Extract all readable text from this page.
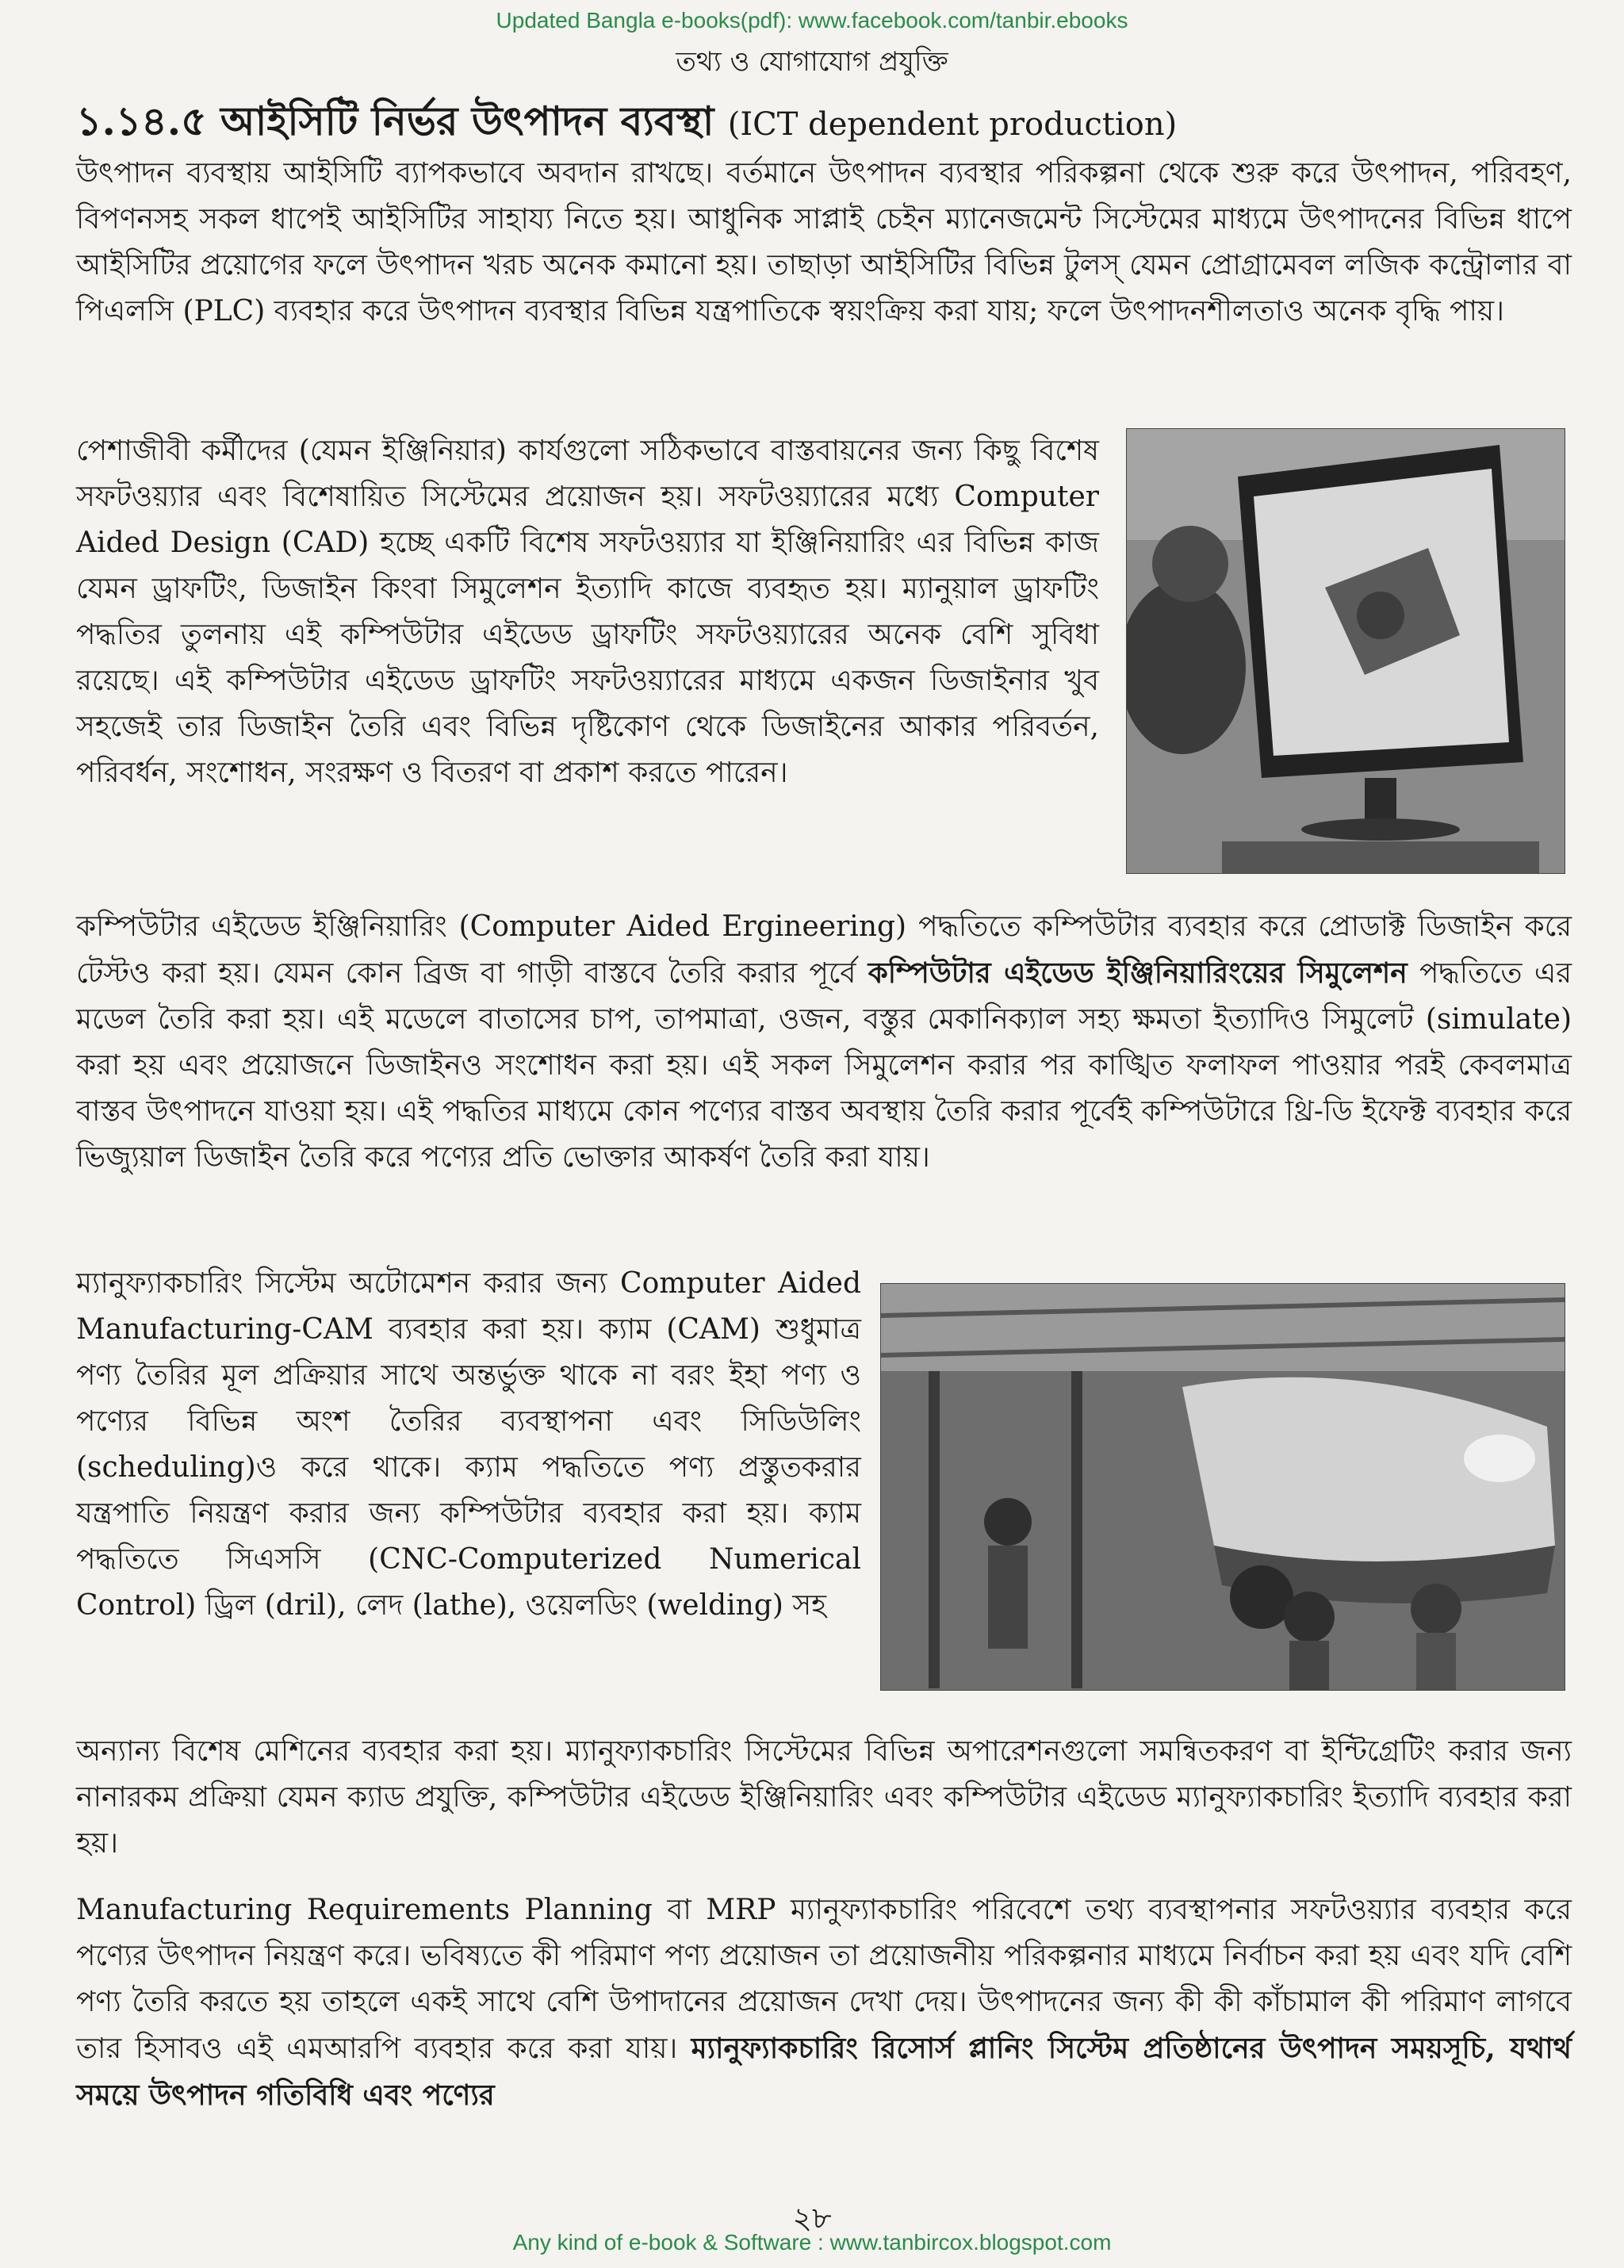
Updated Bangla e-books(pdf): www.facebook.com/tanbir.ebooks
তথ্য ও যোগাযোগ প্রযুক্তি
১.১৪.৫ আইসিটি নির্ভর উৎপাদন ব্যবস্থা (ICT dependent production)
উৎপাদন ব্যবস্থায় আইসিটি ব্যাপকভাবে অবদান রাখছে। বর্তমানে উৎপাদন ব্যবস্থার পরিকল্পনা থেকে শুরু করে উৎপাদন, পরিবহণ, বিপণনসহ সকল ধাপেই আইসিটির সাহায্য নিতে হয়। আধুনিক সাপ্লাই চেইন ম্যানেজমেন্ট সিস্টেমের মাধ্যমে উৎপাদনের বিভিন্ন ধাপে আইসিটির প্রয়োগের ফলে উৎপাদন খরচ অনেক কমানো হয়। তাছাড়া আইসিটির বিভিন্ন টুলস্ যেমন প্রোগ্রামেবল লজিক কন্ট্রোলার বা পিএলসি (PLC) ব্যবহার করে উৎপাদন ব্যবস্থার বিভিন্ন যন্ত্রপাতিকে স্বয়ংক্রিয় করা যায়; ফলে উৎপাদনশীলতাও অনেক বৃদ্ধি পায়।
পেশাজীবী কর্মীদের (যেমন ইঞ্জিনিয়ার) কার্যগুলো সঠিকভাবে বাস্তবায়নের জন্য কিছু বিশেষ সফটওয়্যার এবং বিশেষায়িত সিস্টেমের প্রয়োজন হয়। সফটওয়্যারের মধ্যে Computer Aided Design (CAD) হচ্ছে একটি বিশেষ সফটওয়্যার যা ইঞ্জিনিয়ারিং এর বিভিন্ন কাজ যেমন ড্রাফটিং, ডিজাইন কিংবা সিমুলেশন ইত্যাদি কাজে ব্যবহৃত হয়। ম্যানুয়াল ড্রাফটিং পদ্ধতির তুলনায় এই কম্পিউটার এইডেড ড্রাফটিং সফটওয়্যারের অনেক বেশি সুবিধা রয়েছে। এই কম্পিউটার এইডেড ড্রাফটিং সফটওয়্যারের মাধ্যমে একজন ডিজাইনার খুব সহজেই তার ডিজাইন তৈরি এবং বিভিন্ন দৃষ্টিকোণ থেকে ডিজাইনের আকার পরিবর্তন, পরিবর্ধন, সংশোধন, সংরক্ষণ ও বিতরণ বা প্রকাশ করতে পারেন।
কম্পিউটার এইডেড ইঞ্জিনিয়ারিং (Computer Aided Ergineering) পদ্ধতিতে কম্পিউটার ব্যবহার করে প্রোডাক্ট ডিজাইন করে টেস্টও করা হয়। যেমন কোন ব্রিজ বা গাড়ী বাস্তবে তৈরি করার পূর্বে কম্পিউটার এইডেড ইঞ্জিনিয়ারিংয়ের সিমুলেশন পদ্ধতিতে এর মডেল তৈরি করা হয়। এই মডেলে বাতাসের চাপ, তাপমাত্রা, ওজন, বস্তুর মেকানিক্যাল সহ্য ক্ষমতা ইত্যাদিও সিমুলেট (simulate) করা হয় এবং প্রয়োজনে ডিজাইনও সংশোধন করা হয়। এই সকল সিমুলেশন করার পর কাঙ্খিত ফলাফল পাওয়ার পরই কেবলমাত্র বাস্তব উৎপাদনে যাওয়া হয়। এই পদ্ধতির মাধ্যমে কোন পণ্যের বাস্তব অবস্থায় তৈরি করার পূর্বেই কম্পিউটারে থ্রি-ডি ইফেক্ট ব্যবহার করে ভিজ্যুয়াল ডিজাইন তৈরি করে পণ্যের প্রতি ভোক্তার আকর্ষণ তৈরি করা যায়।
ম্যানুফ্যাকচারিং সিস্টেম অটোমেশন করার জন্য Computer Aided Manufacturing-CAM ব্যবহার করা হয়। ক্যাম (CAM) শুধুমাত্র পণ্য তৈরির মূল প্রক্রিয়ার সাথে অন্তর্ভুক্ত থাকে না বরং ইহা পণ্য ও পণ্যের বিভিন্ন অংশ তৈরির ব্যবস্থাপনা এবং সিডিউলিং (scheduling)ও করে থাকে। ক্যাম পদ্ধতিতে পণ্য প্রস্তুতকরার যন্ত্রপাতি নিয়ন্ত্রণ করার জন্য কম্পিউটার ব্যবহার করা হয়। ক্যাম পদ্ধতিতে সিএসসি (CNC-Computerized Numerical Control) ড্রিল (dril), লেদ (lathe), ওয়েলডিং (welding) সহ
অন্যান্য বিশেষ মেশিনের ব্যবহার করা হয়। ম্যানুফ্যাকচারিং সিস্টেমের বিভিন্ন অপারেশনগুলো সমন্বিতকরণ বা ইন্টিগ্রেটিং করার জন্য নানারকম প্রক্রিয়া যেমন ক্যাড প্রযুক্তি, কম্পিউটার এইডেড ইঞ্জিনিয়ারিং এবং কম্পিউটার এইডেড ম্যানুফ্যাকচারিং ইত্যাদি ব্যবহার করা হয়।
Manufacturing Requirements Planning বা MRP ম্যানুফ্যাকচারিং পরিবেশে তথ্য ব্যবস্থাপনার সফটওয়্যার ব্যবহার করে পণ্যের উৎপাদন নিয়ন্ত্রণ করে। ভবিষ্যতে কী পরিমাণ পণ্য প্রয়োজন তা প্রয়োজনীয় পরিকল্পনার মাধ্যমে নির্বাচন করা হয় এবং যদি বেশি পণ্য তৈরি করতে হয় তাহলে একই সাথে বেশি উপাদানের প্রয়োজন দেখা দেয়। উৎপাদনের জন্য কী কী কাঁচামাল কী পরিমাণ লাগবে তার হিসাবও এই এমআরপি ব্যবহার করে করা যায়। ম্যানুফ্যাকচারিং রিসোর্স প্লানিং সিস্টেম প্রতিষ্ঠানের উৎপাদন সময়সূচি, যথার্থ সময়ে উৎপাদন গতিবিধি এবং পণ্যের
২৮
Any kind of e-book & Software : www.tanbircox.blogspot.com
